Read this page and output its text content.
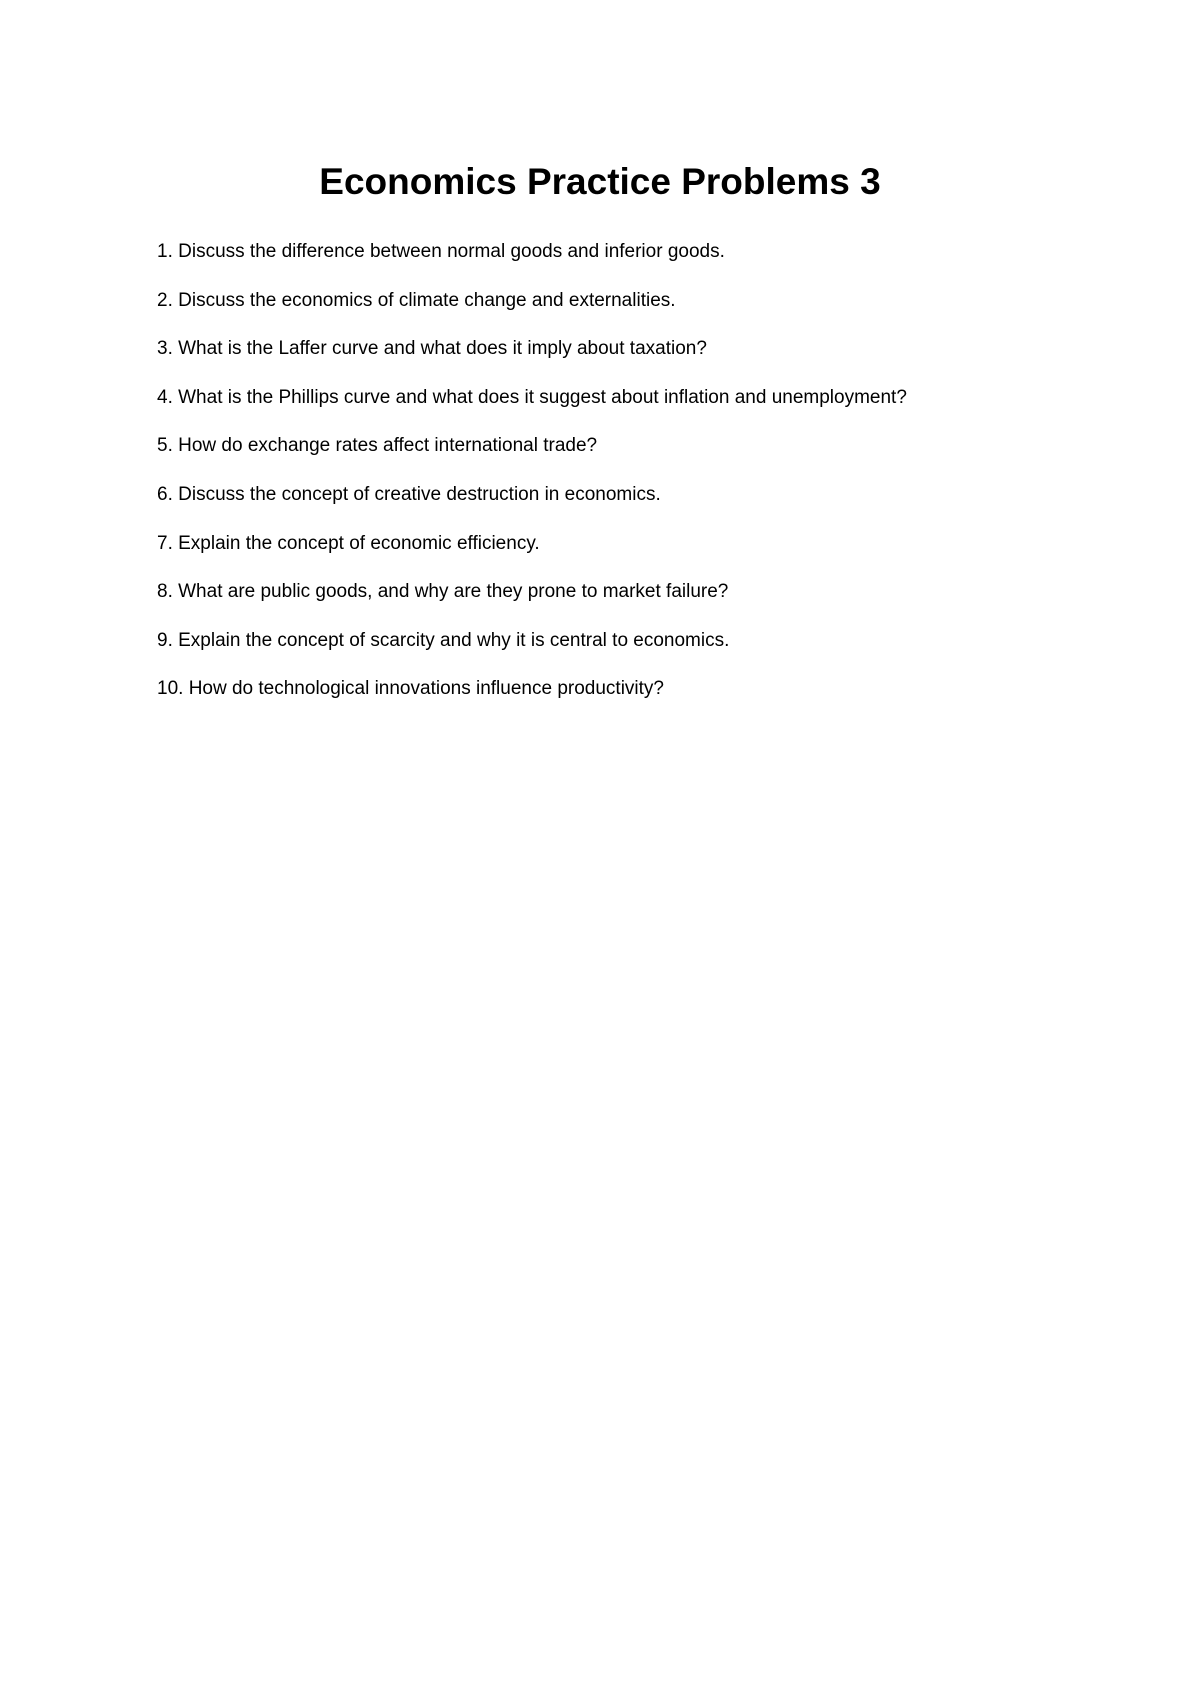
Economics Practice Problems 3
1. Discuss the difference between normal goods and inferior goods.
2. Discuss the economics of climate change and externalities.
3. What is the Laffer curve and what does it imply about taxation?
4. What is the Phillips curve and what does it suggest about inflation and unemployment?
5. How do exchange rates affect international trade?
6. Discuss the concept of creative destruction in economics.
7. Explain the concept of economic efficiency.
8. What are public goods, and why are they prone to market failure?
9. Explain the concept of scarcity and why it is central to economics.
10. How do technological innovations influence productivity?
